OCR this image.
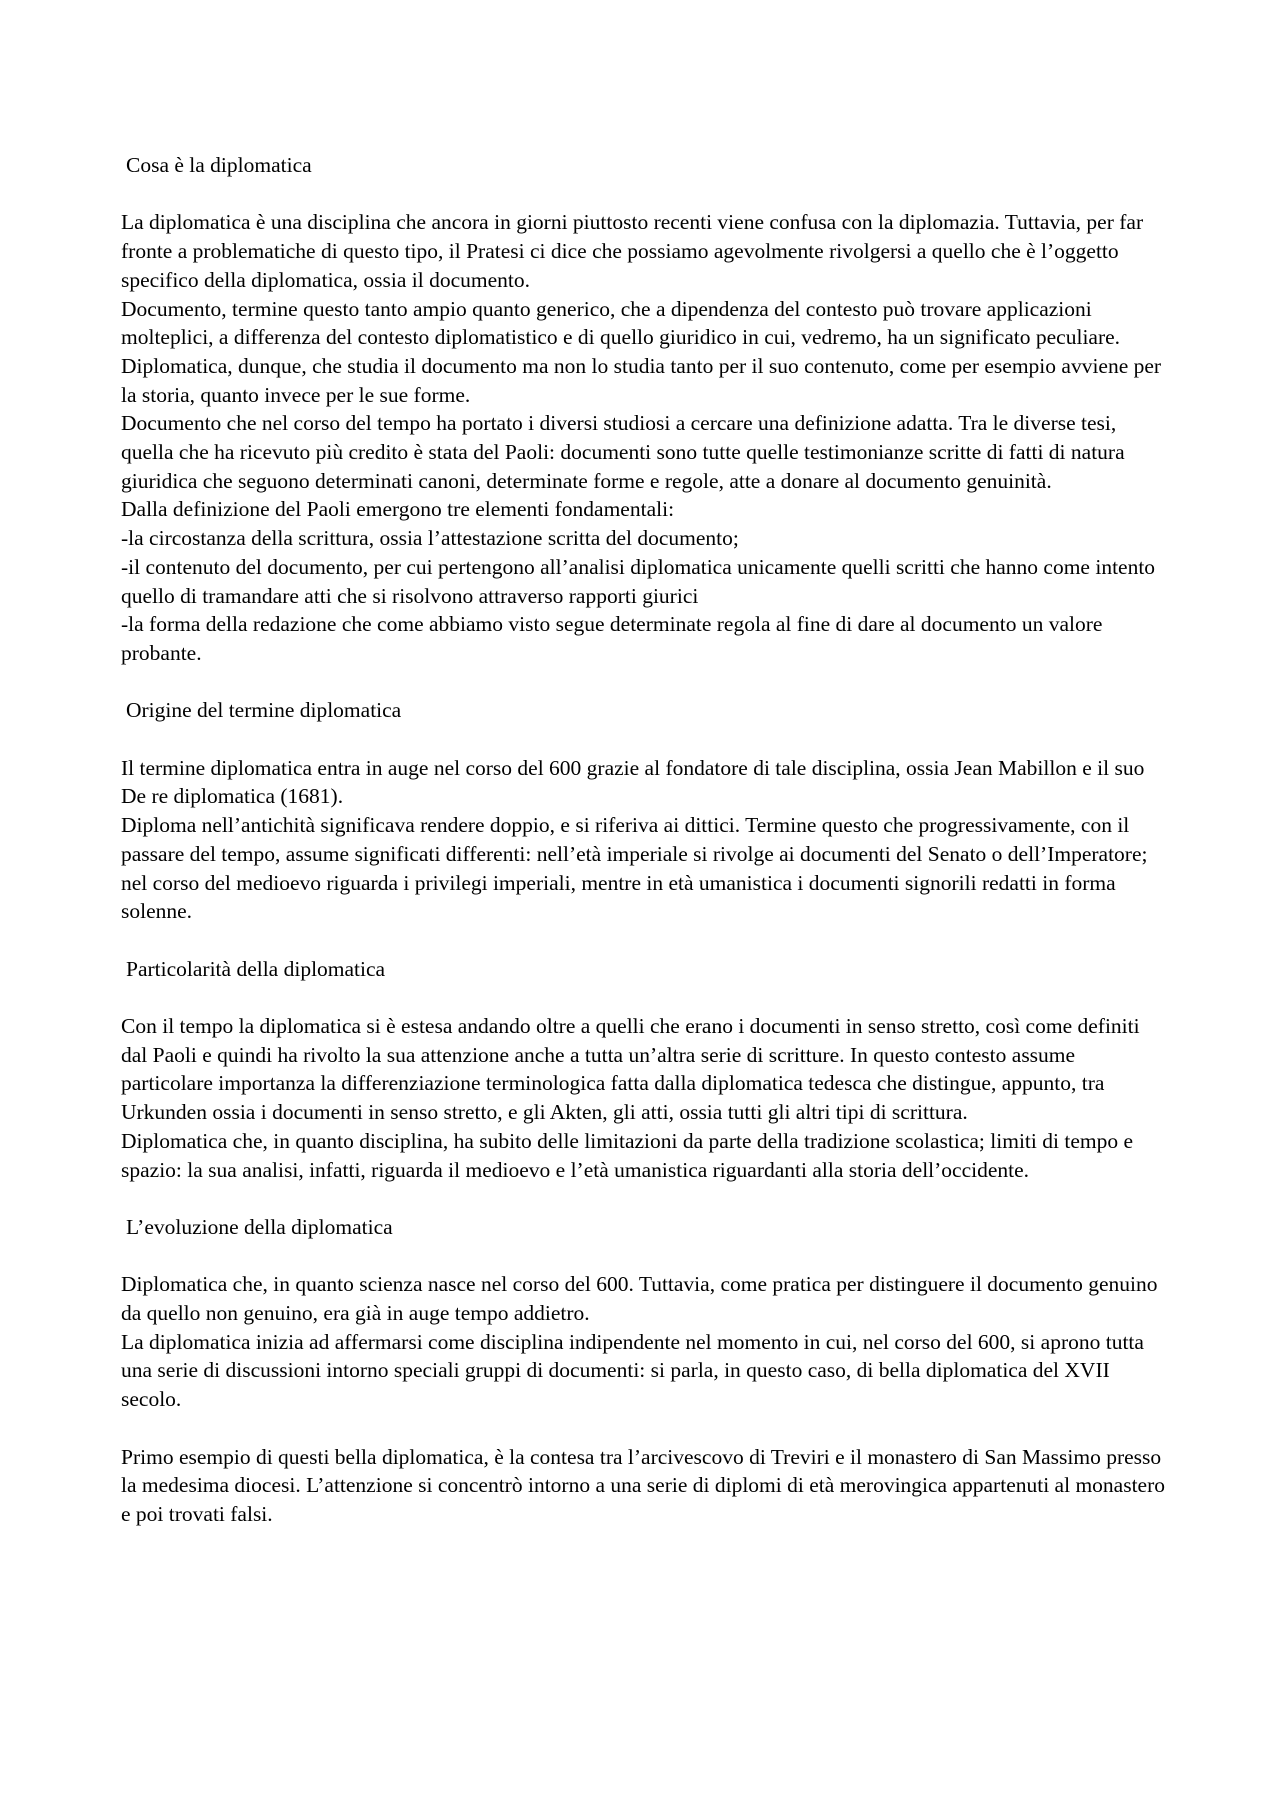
Cosa è la diplomatica

La diplomatica è una disciplina che ancora in giorni piuttosto recenti viene confusa con la diplomazia. Tuttavia, per far fronte a problematiche di questo tipo, il Pratesi ci dice che possiamo agevolmente rivolgersi a quello che è l’oggetto specifico della diplomatica, ossia il documento.

Documento, termine questo tanto ampio quanto generico, che a dipendenza del contesto può trovare applicazioni molteplici, a differenza del contesto diplomatistico e di quello giuridico in cui, vedremo, ha un significato peculiare.

Diplomatica, dunque, che studia il documento ma non lo studia tanto per il suo contenuto, come per esempio avviene per la storia, quanto invece per le sue forme.

Documento che nel corso del tempo ha portato i diversi studiosi a cercare una definizione adatta. Tra le diverse tesi, quella che ha ricevuto più credito è stata del Paoli: documenti sono tutte quelle testimonianze scritte di fatti di natura giuridica che seguono determinati canoni, determinate forme e regole, atte a donare al documento genuinità.

Dalla definizione del Paoli emergono tre elementi fondamentali:

-la circostanza della scrittura, ossia l’attestazione scritta del documento;

-il contenuto del documento, per cui pertengono all’analisi diplomatica unicamente quelli scritti che hanno come intento quello di tramandare atti che si risolvono attraverso rapporti giurici

-la forma della redazione che come abbiamo visto segue determinate regola al fine di dare al documento un valore probante.

Origine del termine diplomatica

Il termine diplomatica entra in auge nel corso del 600 grazie al fondatore di tale disciplina, ossia Jean Mabillon e il suo De re diplomatica (1681).

Diploma nell’antichità significava rendere doppio, e si riferiva ai dittici. Termine questo che progressivamente, con il passare del tempo, assume significati differenti: nell’età imperiale si rivolge ai documenti del Senato o dell’Imperatore; nel corso del medioevo riguarda i privilegi imperiali, mentre in età umanistica i documenti signorili redatti in forma solenne.

Particolarità della diplomatica

Con il tempo la diplomatica si è estesa andando oltre a quelli che erano i documenti in senso stretto, così come definiti dal Paoli e quindi ha rivolto la sua attenzione anche a tutta un’altra serie di scritture. In questo contesto assume particolare importanza la differenziazione terminologica fatta dalla diplomatica tedesca che distingue, appunto, tra Urkunden ossia i documenti in senso stretto, e gli Akten, gli atti, ossia tutti gli altri tipi di scrittura.

Diplomatica che, in quanto disciplina, ha subito delle limitazioni da parte della tradizione scolastica; limiti di tempo e spazio: la sua analisi, infatti, riguarda il medioevo e l’età umanistica riguardanti alla storia dell’occidente.

L’evoluzione della diplomatica

Diplomatica che, in quanto scienza nasce nel corso del 600. Tuttavia, come pratica per distinguere il documento genuino da quello non genuino, era già in auge tempo addietro.

La diplomatica inizia ad affermarsi come disciplina indipendente nel momento in cui, nel corso del 600, si aprono tutta una serie di discussioni intorno speciali gruppi di documenti: si parla, in questo caso, di bella diplomatica del XVII secolo.

Primo esempio di questi bella diplomatica, è la contesa tra l’arcivescovo di Treviri e il monastero di San Massimo presso la medesima diocesi. L’attenzione si concentrò intorno a una serie di diplomi di età merovingica appartenuti al monastero e poi trovati falsi.
